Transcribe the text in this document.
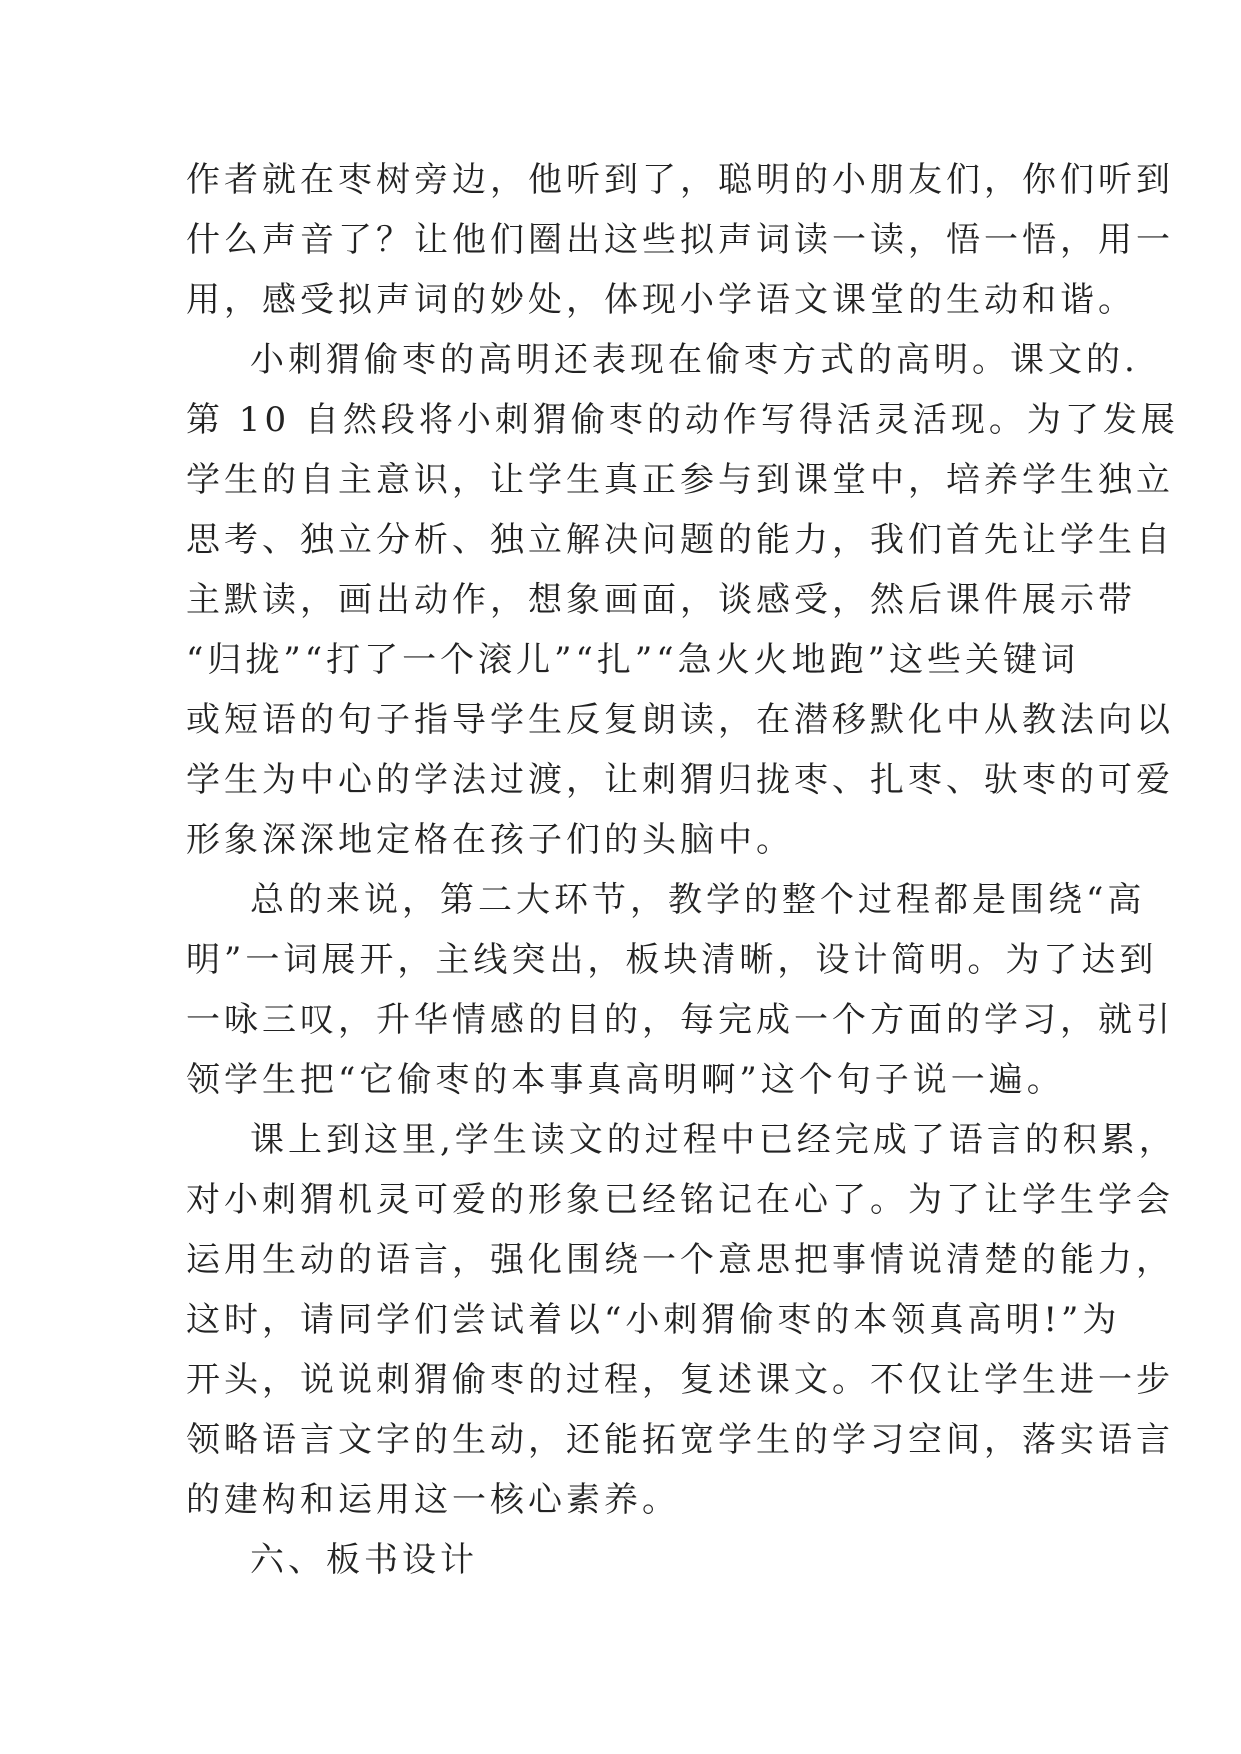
作者就在枣树旁边，他听到了，聪明的小朋友们，你们听到
什么声音了？让他们圈出这些拟声词读一读，悟一悟，用一
用，感受拟声词的妙处，体现小学语文课堂的生动和谐。
小刺猬偷枣的高明还表现在偷枣方式的高明。课文的.
第 10 自然段将小刺猬偷枣的动作写得活灵活现。为了发展
学生的自主意识，让学生真正参与到课堂中，培养学生独立
思考、独立分析、独立解决问题的能力，我们首先让学生自
主默读，画出动作，想象画面，谈感受，然后课件展示带
“归拢”“打了一个滚儿”“扎”“急火火地跑”这些关键词
或短语的句子指导学生反复朗读，在潜移默化中从教法向以
学生为中心的学法过渡，让刺猬归拢枣、扎枣、驮枣的可爱
形象深深地定格在孩子们的头脑中。
总的来说，第二大环节，教学的整个过程都是围绕“高
明”一词展开，主线突出，板块清晰，设计简明。为了达到
一咏三叹，升华情感的目的，每完成一个方面的学习，就引
领学生把“它偷枣的本事真高明啊”这个句子说一遍。
课上到这里,学生读文的过程中已经完成了语言的积累，
对小刺猬机灵可爱的形象已经铭记在心了。为了让学生学会
运用生动的语言，强化围绕一个意思把事情说清楚的能力，
这时，请同学们尝试着以“小刺猬偷枣的本领真高明!”为
开头，说说刺猬偷枣的过程，复述课文。不仅让学生进一步
领略语言文字的生动，还能拓宽学生的学习空间，落实语言
的建构和运用这一核心素养。
六、板书设计
